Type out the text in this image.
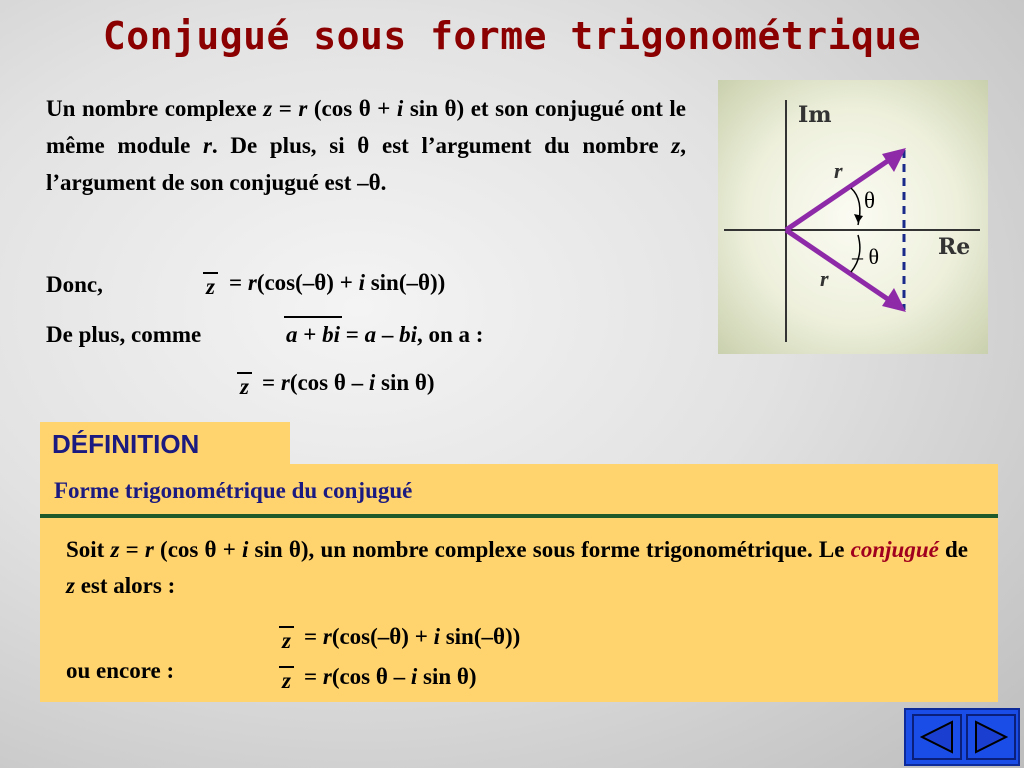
Conjugué sous forme trigonométrique
Un nombre complexe z = r (cos θ + i sin θ) et son conjugué ont le même module r. De plus, si θ est l’argument du nombre z, l’argument de son conjugué est –θ.
Donc,	z = r(cos(–θ) + i sin(–θ))
De plus, comme	a + bi = a – bi, on a :
z = r(cos θ – i sin θ)
Im
Re
r
r
θ
– θ
DÉFINITION
Forme trigonométrique du conjugué
Soit z = r (cos θ + i sin θ), un nombre complexe sous forme trigonométrique. Le conjugué de z est alors :
z = r(cos(–θ) + i sin(–θ))
ou encore :	z = r(cos θ – i sin θ)
